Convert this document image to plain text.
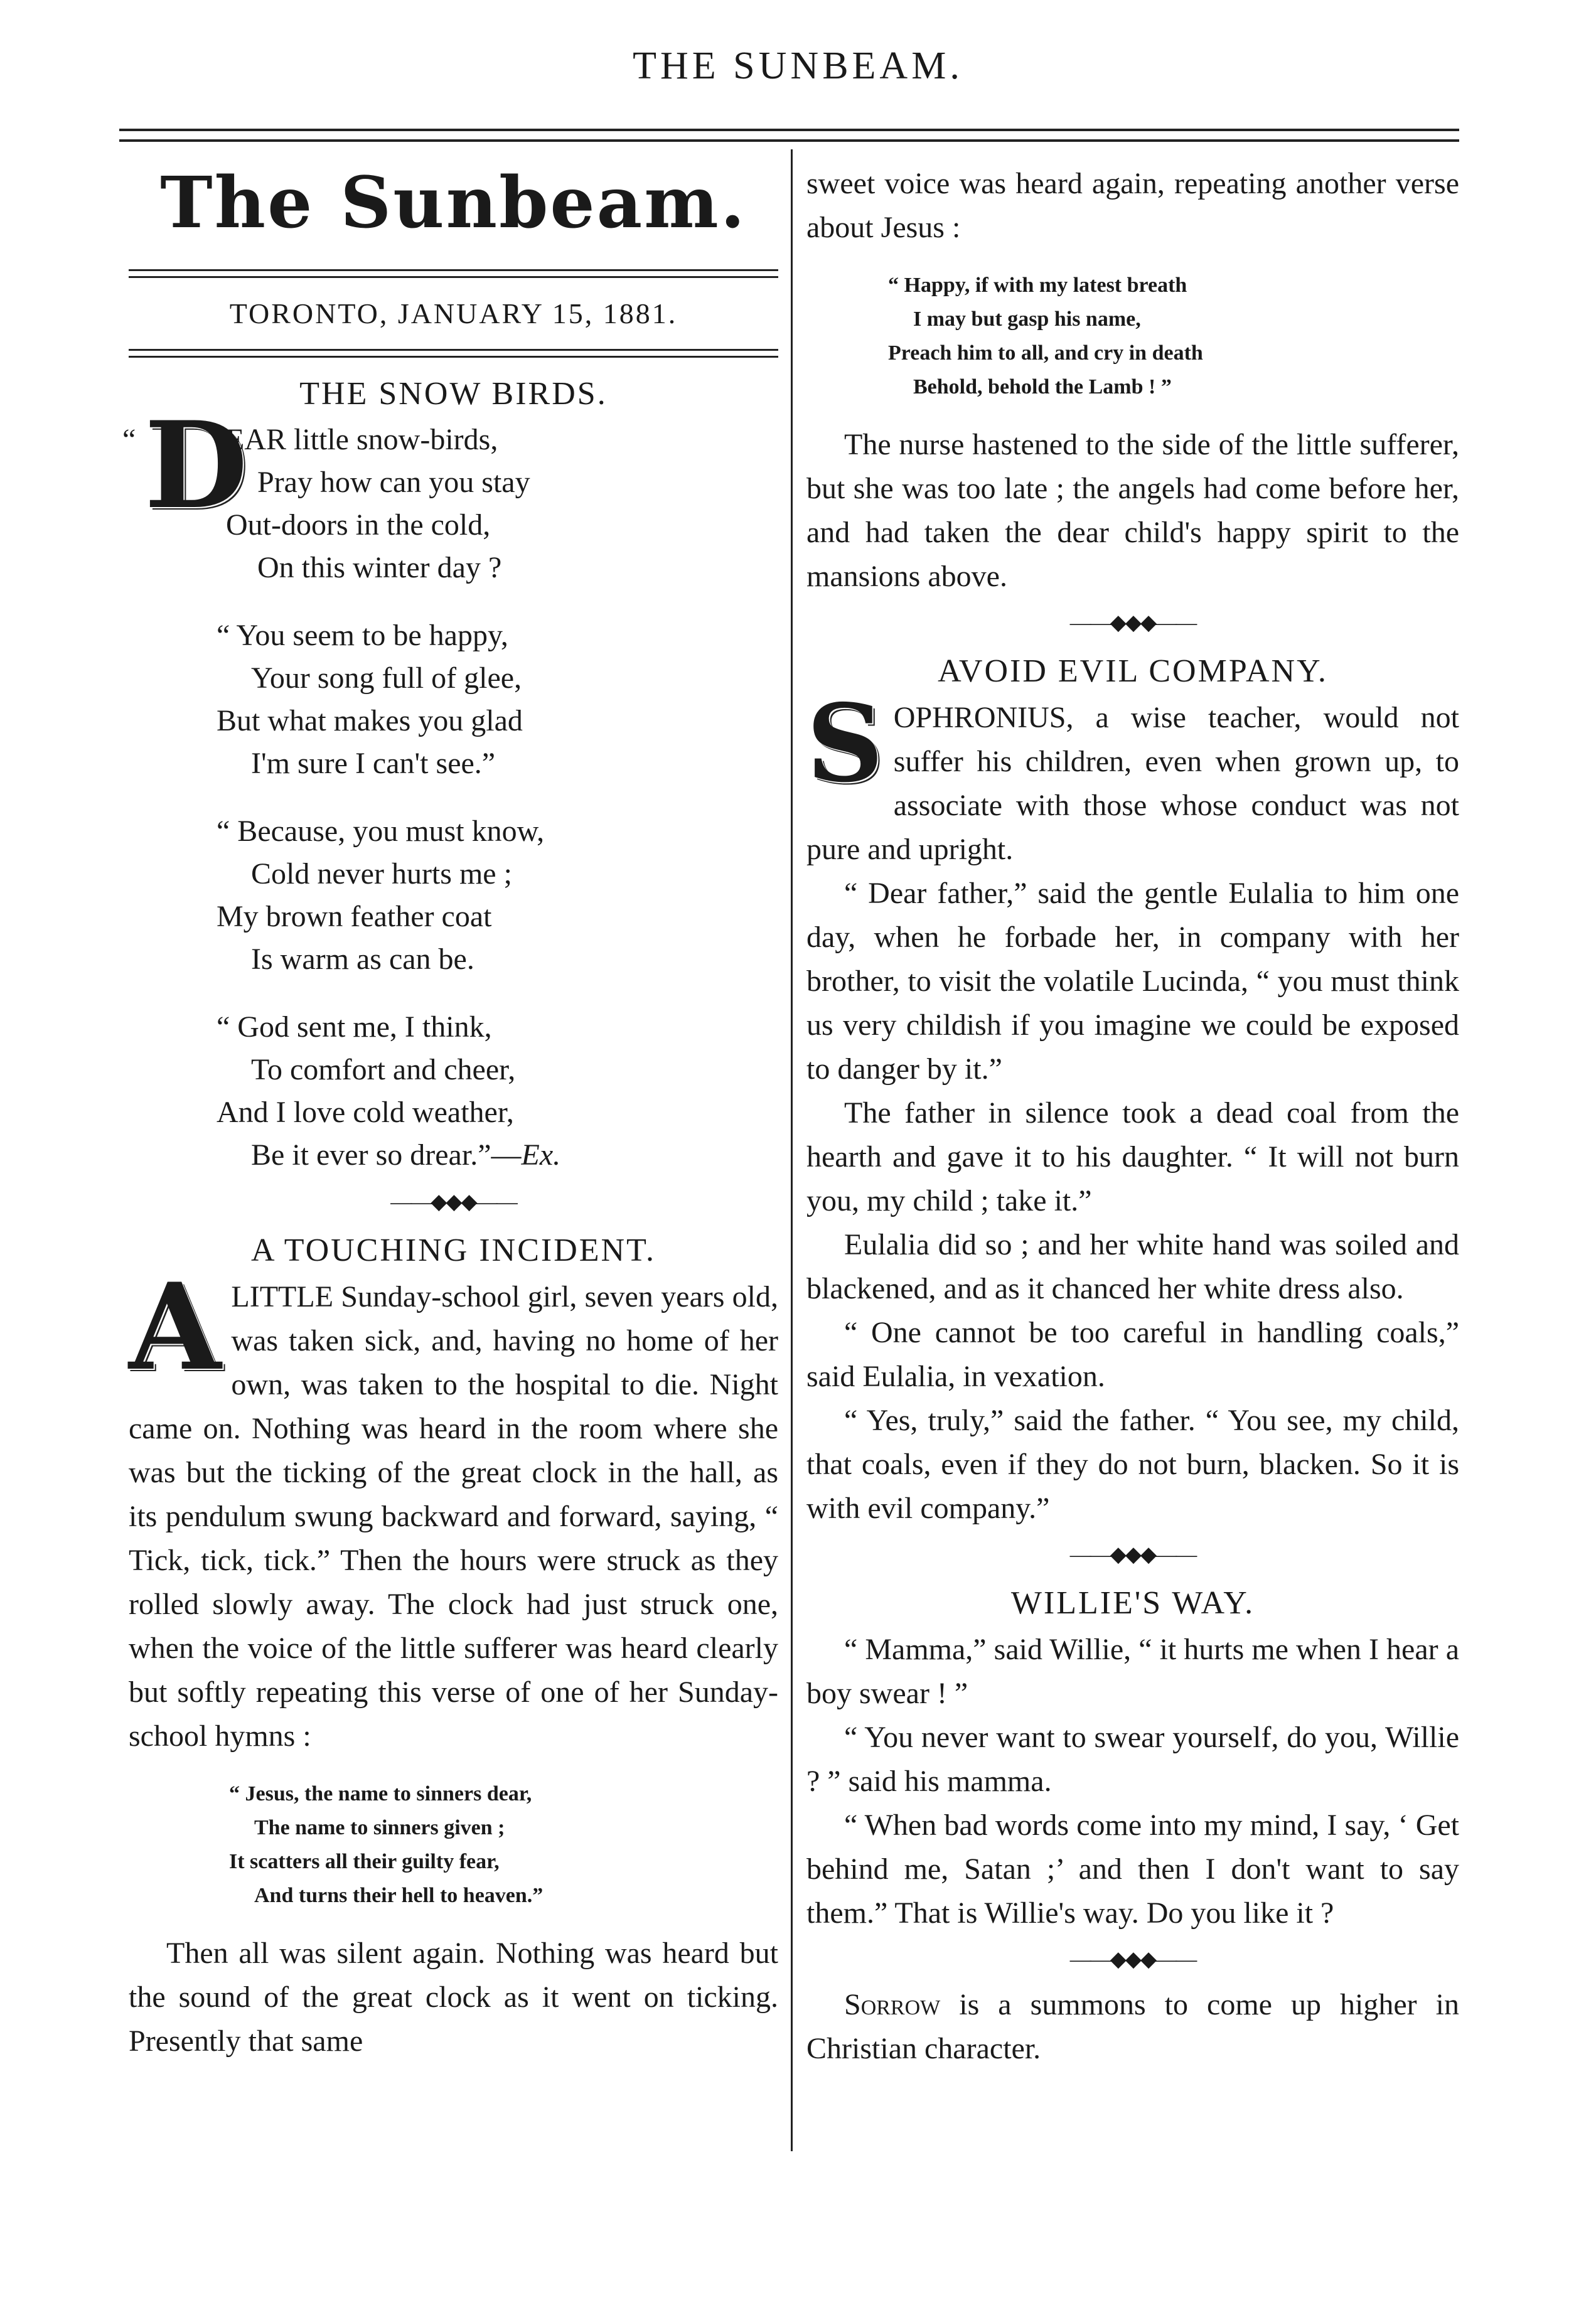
THE SUNBEAM.
The Sunbeam.
TORONTO, JANUARY 15, 1881.
THE SNOW BIRDS.
“ D
EAR little snow-birds,
Pray how can you stay
Out-doors in the cold,
On this winter day ?
“ You seem to be happy,
Your song full of glee,
But what makes you glad
I'm sure I can't see.”
“ Because, you must know,
Cold never hurts me ;
My brown feather coat
Is warm as can be.
“ God sent me, I think,
To comfort and cheer,
And I love cold weather,
Be it ever so drear.”—Ex.
——◆◆◆——
A TOUCHING INCIDENT.

ALITTLE Sunday-school girl, seven years old, was taken sick, and, having no home of her own, was taken to the hospital to die. Night came on. Nothing was heard in the room where she was but the ticking of the great clock in the hall, as its pendulum swung backward and forward, saying, “ Tick, tick, tick.” Then the hours were struck as they rolled slowly away. The clock had just struck one, when the voice of the little sufferer was heard clearly but softly repeating this verse of one of her Sunday-school hymns :

“ Jesus, the name to sinners dear,
The name to sinners given ;
It scatters all their guilty fear,
And turns their hell to heaven.”

Then all was silent again. Nothing was heard but the sound of the great clock as it went on ticking. Presently that same

sweet voice was heard again, repeating another verse about Jesus :

“ Happy, if with my latest breath
I may but gasp his name,
Preach him to all, and cry in death
Behold, behold the Lamb ! ”

The nurse hastened to the side of the little sufferer, but she was too late ; the angels had come before her, and had taken the dear child's happy spirit to the mansions above.

——◆◆◆——
AVOID EVIL COMPANY.

SOPHRONIUS, a wise teacher, would not suffer his children, even when grown up, to associate with those whose conduct was not pure and upright.

“ Dear father,” said the gentle Eulalia to him one day, when he forbade her, in company with her brother, to visit the volatile Lucinda, “ you must think us very childish if you imagine we could be exposed to danger by it.”

The father in silence took a dead coal from the hearth and gave it to his daughter. “ It will not burn you, my child ; take it.”

Eulalia did so ; and her white hand was soiled and blackened, and as it chanced her white dress also.

“ One cannot be too careful in handling coals,” said Eulalia, in vexation.

“ Yes, truly,” said the father. “ You see, my child, that coals, even if they do not burn, blacken. So it is with evil company.”

——◆◆◆——
WILLIE'S WAY.

“ Mamma,” said Willie, “ it hurts me when I hear a boy swear ! ”

“ You never want to swear yourself, do you, Willie ? ” said his mamma.

“ When bad words come into my mind, I say, ‘ Get behind me, Satan ;’ and then I don't want to say them.” That is Willie's way. Do you like it ?

——◆◆◆——

Sorrow is a summons to come up higher in Christian character.
